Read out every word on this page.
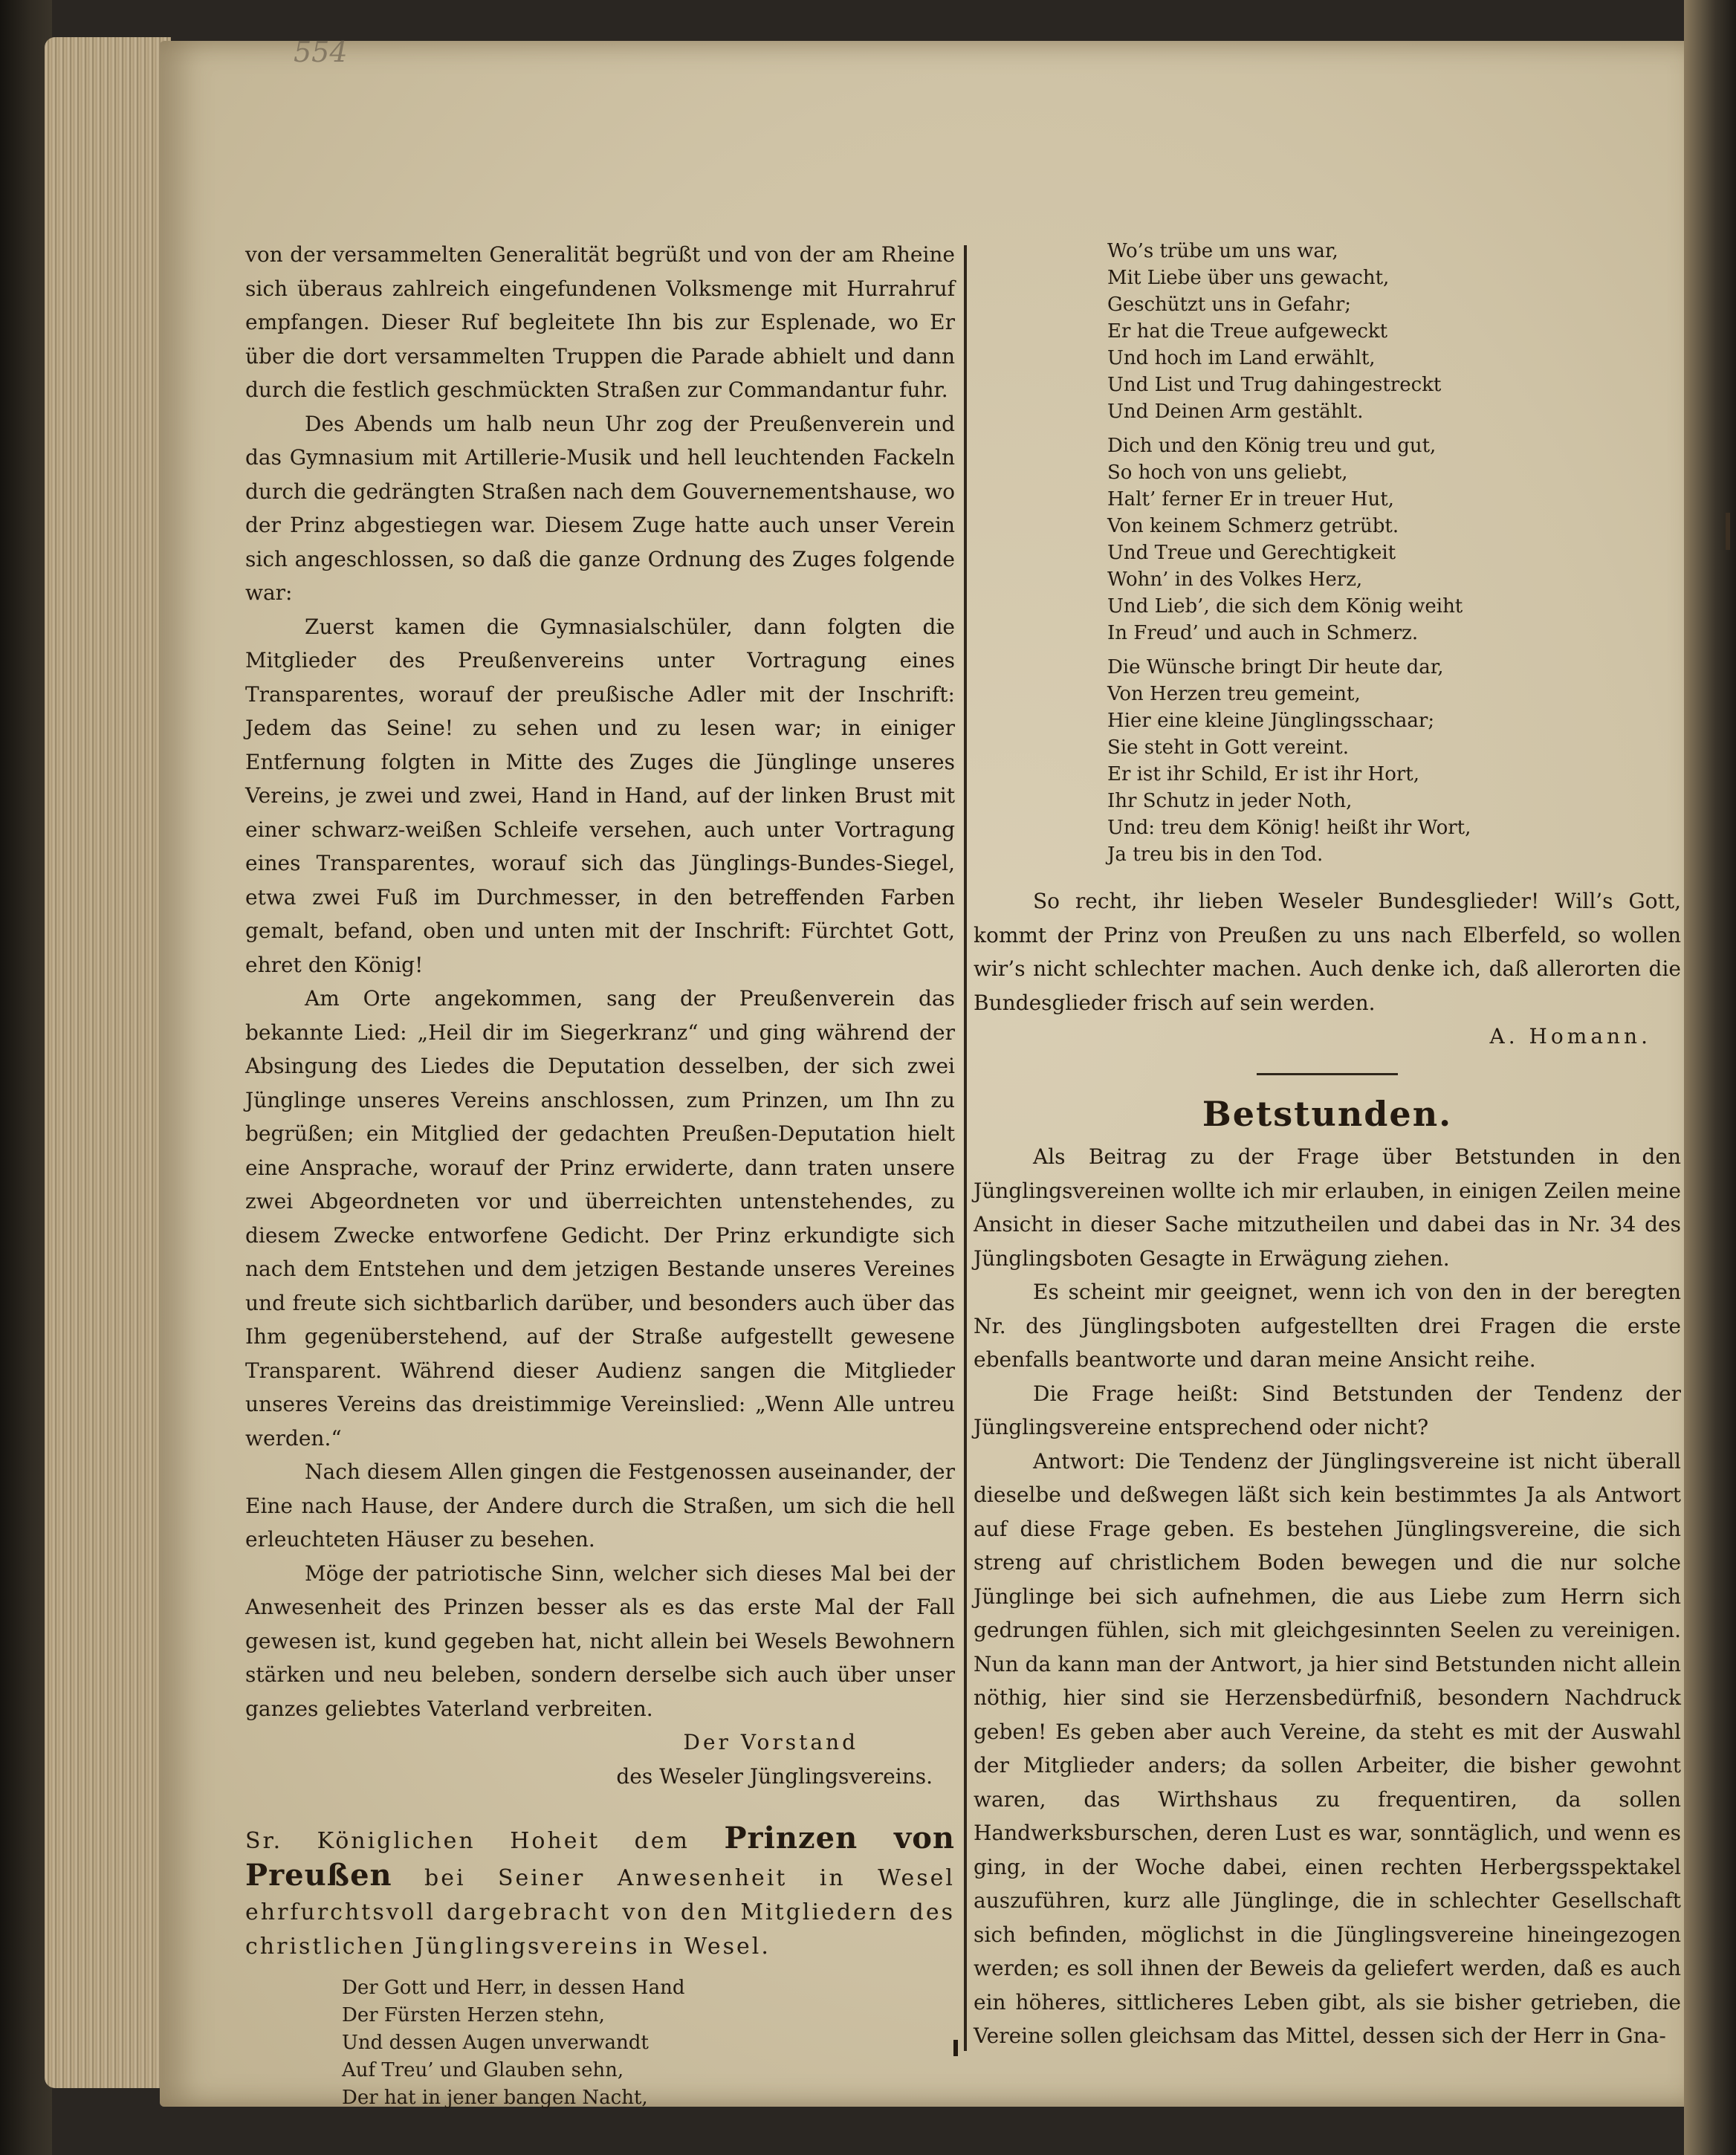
554

von der versammelten Generalität begrüßt und von der am Rheine sich überaus zahlreich eingefundenen Volksmenge mit Hurrahruf empfangen. Dieser Ruf begleitete Ihn bis zur Esplenade, wo Er über die dort versammelten Truppen die Parade abhielt und dann durch die festlich geschmückten Straßen zur Commandantur fuhr.

Des Abends um halb neun Uhr zog der Preußenverein und das Gymnasium mit Artillerie-Musik und hell leuchtenden Fackeln durch die gedrängten Straßen nach dem Gouvernementshause, wo der Prinz abgestiegen war. Diesem Zuge hatte auch unser Verein sich angeschlossen, so daß die ganze Ordnung des Zuges folgende war:

Zuerst kamen die Gymnasialschüler, dann folgten die Mitglieder des Preußenvereins unter Vortragung eines Transparentes, worauf der preußische Adler mit der Inschrift: Jedem das Seine! zu sehen und zu lesen war; in einiger Entfernung folgten in Mitte des Zuges die Jünglinge unseres Vereins, je zwei und zwei, Hand in Hand, auf der linken Brust mit einer schwarz-weißen Schleife versehen, auch unter Vortragung eines Transparentes, worauf sich das Jünglings-Bundes-Siegel, etwa zwei Fuß im Durchmesser, in den betreffenden Farben gemalt, befand, oben und unten mit der Inschrift: Fürchtet Gott, ehret den König!

Am Orte angekommen, sang der Preußenverein das bekannte Lied: „Heil dir im Siegerkranz“ und ging während der Absingung des Liedes die Deputation desselben, der sich zwei Jünglinge unseres Vereins anschlossen, zum Prinzen, um Ihn zu begrüßen; ein Mitglied der gedachten Preußen-Deputation hielt eine Ansprache, worauf der Prinz erwiderte, dann traten unsere zwei Abgeordneten vor und überreichten untenstehendes, zu diesem Zwecke entworfene Gedicht. Der Prinz erkundigte sich nach dem Entstehen und dem jetzigen Bestande unseres Vereines und freute sich sichtbarlich darüber, und besonders auch über das Ihm gegenüberstehend, auf der Straße aufgestellt gewesene Transparent. Während dieser Audienz sangen die Mitglieder unseres Vereins das dreistimmige Vereinslied: „Wenn Alle untreu werden.“

Nach diesem Allen gingen die Festgenossen auseinander, der Eine nach Hause, der Andere durch die Straßen, um sich die hell erleuchteten Häuser zu besehen.

Möge der patriotische Sinn, welcher sich dieses Mal bei der Anwesenheit des Prinzen besser als es das erste Mal der Fall gewesen ist, kund gegeben hat, nicht allein bei Wesels Bewohnern stärken und neu beleben, sondern derselbe sich auch über unser ganzes geliebtes Vaterland verbreiten.

Der Vorstand

des Weseler Jünglingsvereins.

Sr. Königlichen Hoheit dem Prinzen von Preußen bei Seiner Anwesenheit in Wesel ehrfurchtsvoll dargebracht von den Mitgliedern des christlichen Jünglingsvereins in Wesel.

Der Gott und Herr, in dessen Hand
Der Fürsten Herzen stehn,
Und dessen Augen unverwandt
Auf Treu’ und Glauben sehn,
Der hat in jener bangen Nacht,
Wo’s trübe um uns war,
Mit Liebe über uns gewacht,
Geschützt uns in Gefahr;
Er hat die Treue aufgeweckt
Und hoch im Land erwählt,
Und List und Trug dahingestreckt
Und Deinen Arm gestählt.
Dich und den König treu und gut,
So hoch von uns geliebt,
Halt’ ferner Er in treuer Hut,
Von keinem Schmerz getrübt.
Und Treue und Gerechtigkeit
Wohn’ in des Volkes Herz,
Und Lieb’, die sich dem König weiht
In Freud’ und auch in Schmerz.
Die Wünsche bringt Dir heute dar,
Von Herzen treu gemeint,
Hier eine kleine Jünglingsschaar;
Sie steht in Gott vereint.
Er ist ihr Schild, Er ist ihr Hort,
Ihr Schutz in jeder Noth,
Und: treu dem König! heißt ihr Wort,
Ja treu bis in den Tod.

So recht, ihr lieben Weseler Bundesglieder! Will’s Gott, kommt der Prinz von Preußen zu uns nach Elberfeld, so wollen wir’s nicht schlechter machen. Auch denke ich, daß allerorten die Bundesglieder frisch auf sein werden.

A. Homann.

Betstunden.

Als Beitrag zu der Frage über Betstunden in den Jünglingsvereinen wollte ich mir erlauben, in einigen Zeilen meine Ansicht in dieser Sache mitzutheilen und dabei das in Nr. 34 des Jünglingsboten Gesagte in Erwägung ziehen.

Es scheint mir geeignet, wenn ich von den in der beregten Nr. des Jünglingsboten aufgestellten drei Fragen die erste ebenfalls beantworte und daran meine Ansicht reihe.

Die Frage heißt: Sind Betstunden der Tendenz der Jünglingsvereine entsprechend oder nicht?

Antwort: Die Tendenz der Jünglingsvereine ist nicht überall dieselbe und deßwegen läßt sich kein bestimmtes Ja als Antwort auf diese Frage geben. Es bestehen Jünglingsvereine, die sich streng auf christlichem Boden bewegen und die nur solche Jünglinge bei sich aufnehmen, die aus Liebe zum Herrn sich gedrungen fühlen, sich mit gleichgesinnten Seelen zu vereinigen. Nun da kann man der Antwort, ja hier sind Betstunden nicht allein nöthig, hier sind sie Herzensbedürfniß, besondern Nachdruck geben! Es geben aber auch Vereine, da steht es mit der Auswahl der Mitglieder anders; da sollen Arbeiter, die bisher gewohnt waren, das Wirthshaus zu frequentiren, da sollen Handwerksburschen, deren Lust es war, sonntäglich, und wenn es ging, in der Woche dabei, einen rechten Herbergsspektakel auszuführen, kurz alle Jünglinge, die in schlechter Gesellschaft sich befinden, möglichst in die Jünglingsvereine hineingezogen werden; es soll ihnen der Beweis da geliefert werden, daß es auch ein höheres, sittlicheres Leben gibt, als sie bisher getrieben, die Vereine sollen gleichsam das Mittel, dessen sich der Herr in Gna-
